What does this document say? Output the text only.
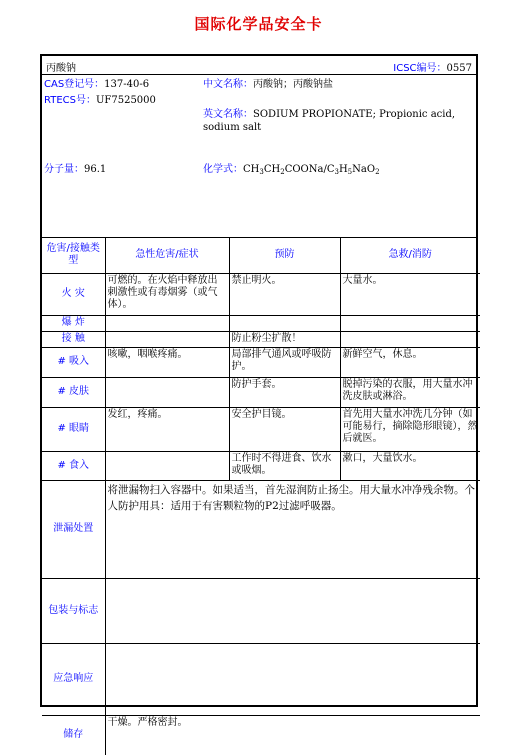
国际化学品安全卡
丙酸钠	ICSC编号：0557
CAS登记号：137-40-6
RTECS号：UF7525000
中文名称：丙酸钠；丙酸钠盐
英文名称：SODIUM PROPIONATE; Propionic acid, sodium salt
分子量：96.1	化学式：$CH_3CH_2COONa/C_3H_5NaO_2$
危害/接触类型	急性危害/症状	预防	急救/消防
火 灾	可燃的。在火焰中释放出刺激性或有毒烟雾（或气体）。	禁止明火。	大量水。
爆 炸			
接 触		防止粉尘扩散！	
# 吸入	咳嗽，咽喉疼痛。	局部排气通风或呼吸防护。	新鲜空气，休息。
# 皮肤		防护手套。	脱掉污染的衣服，用大量水冲洗皮肤或淋浴。
# 眼睛	发红，疼痛。	安全护目镜。	首先用大量水冲洗几分钟（如可能易行，摘除隐形眼镜），然后就医。
# 食入		工作时不得进食、饮水或吸烟。	漱口，大量饮水。
泄漏处置	将泄漏物扫入容器中。如果适当，首先湿润防止扬尘。用大量水冲净残余物。个人防护用具：适用于有害颗粒物的P2过滤呼吸器。		
包装与标志			
应急响应			
储存	干燥。严格密封。		
